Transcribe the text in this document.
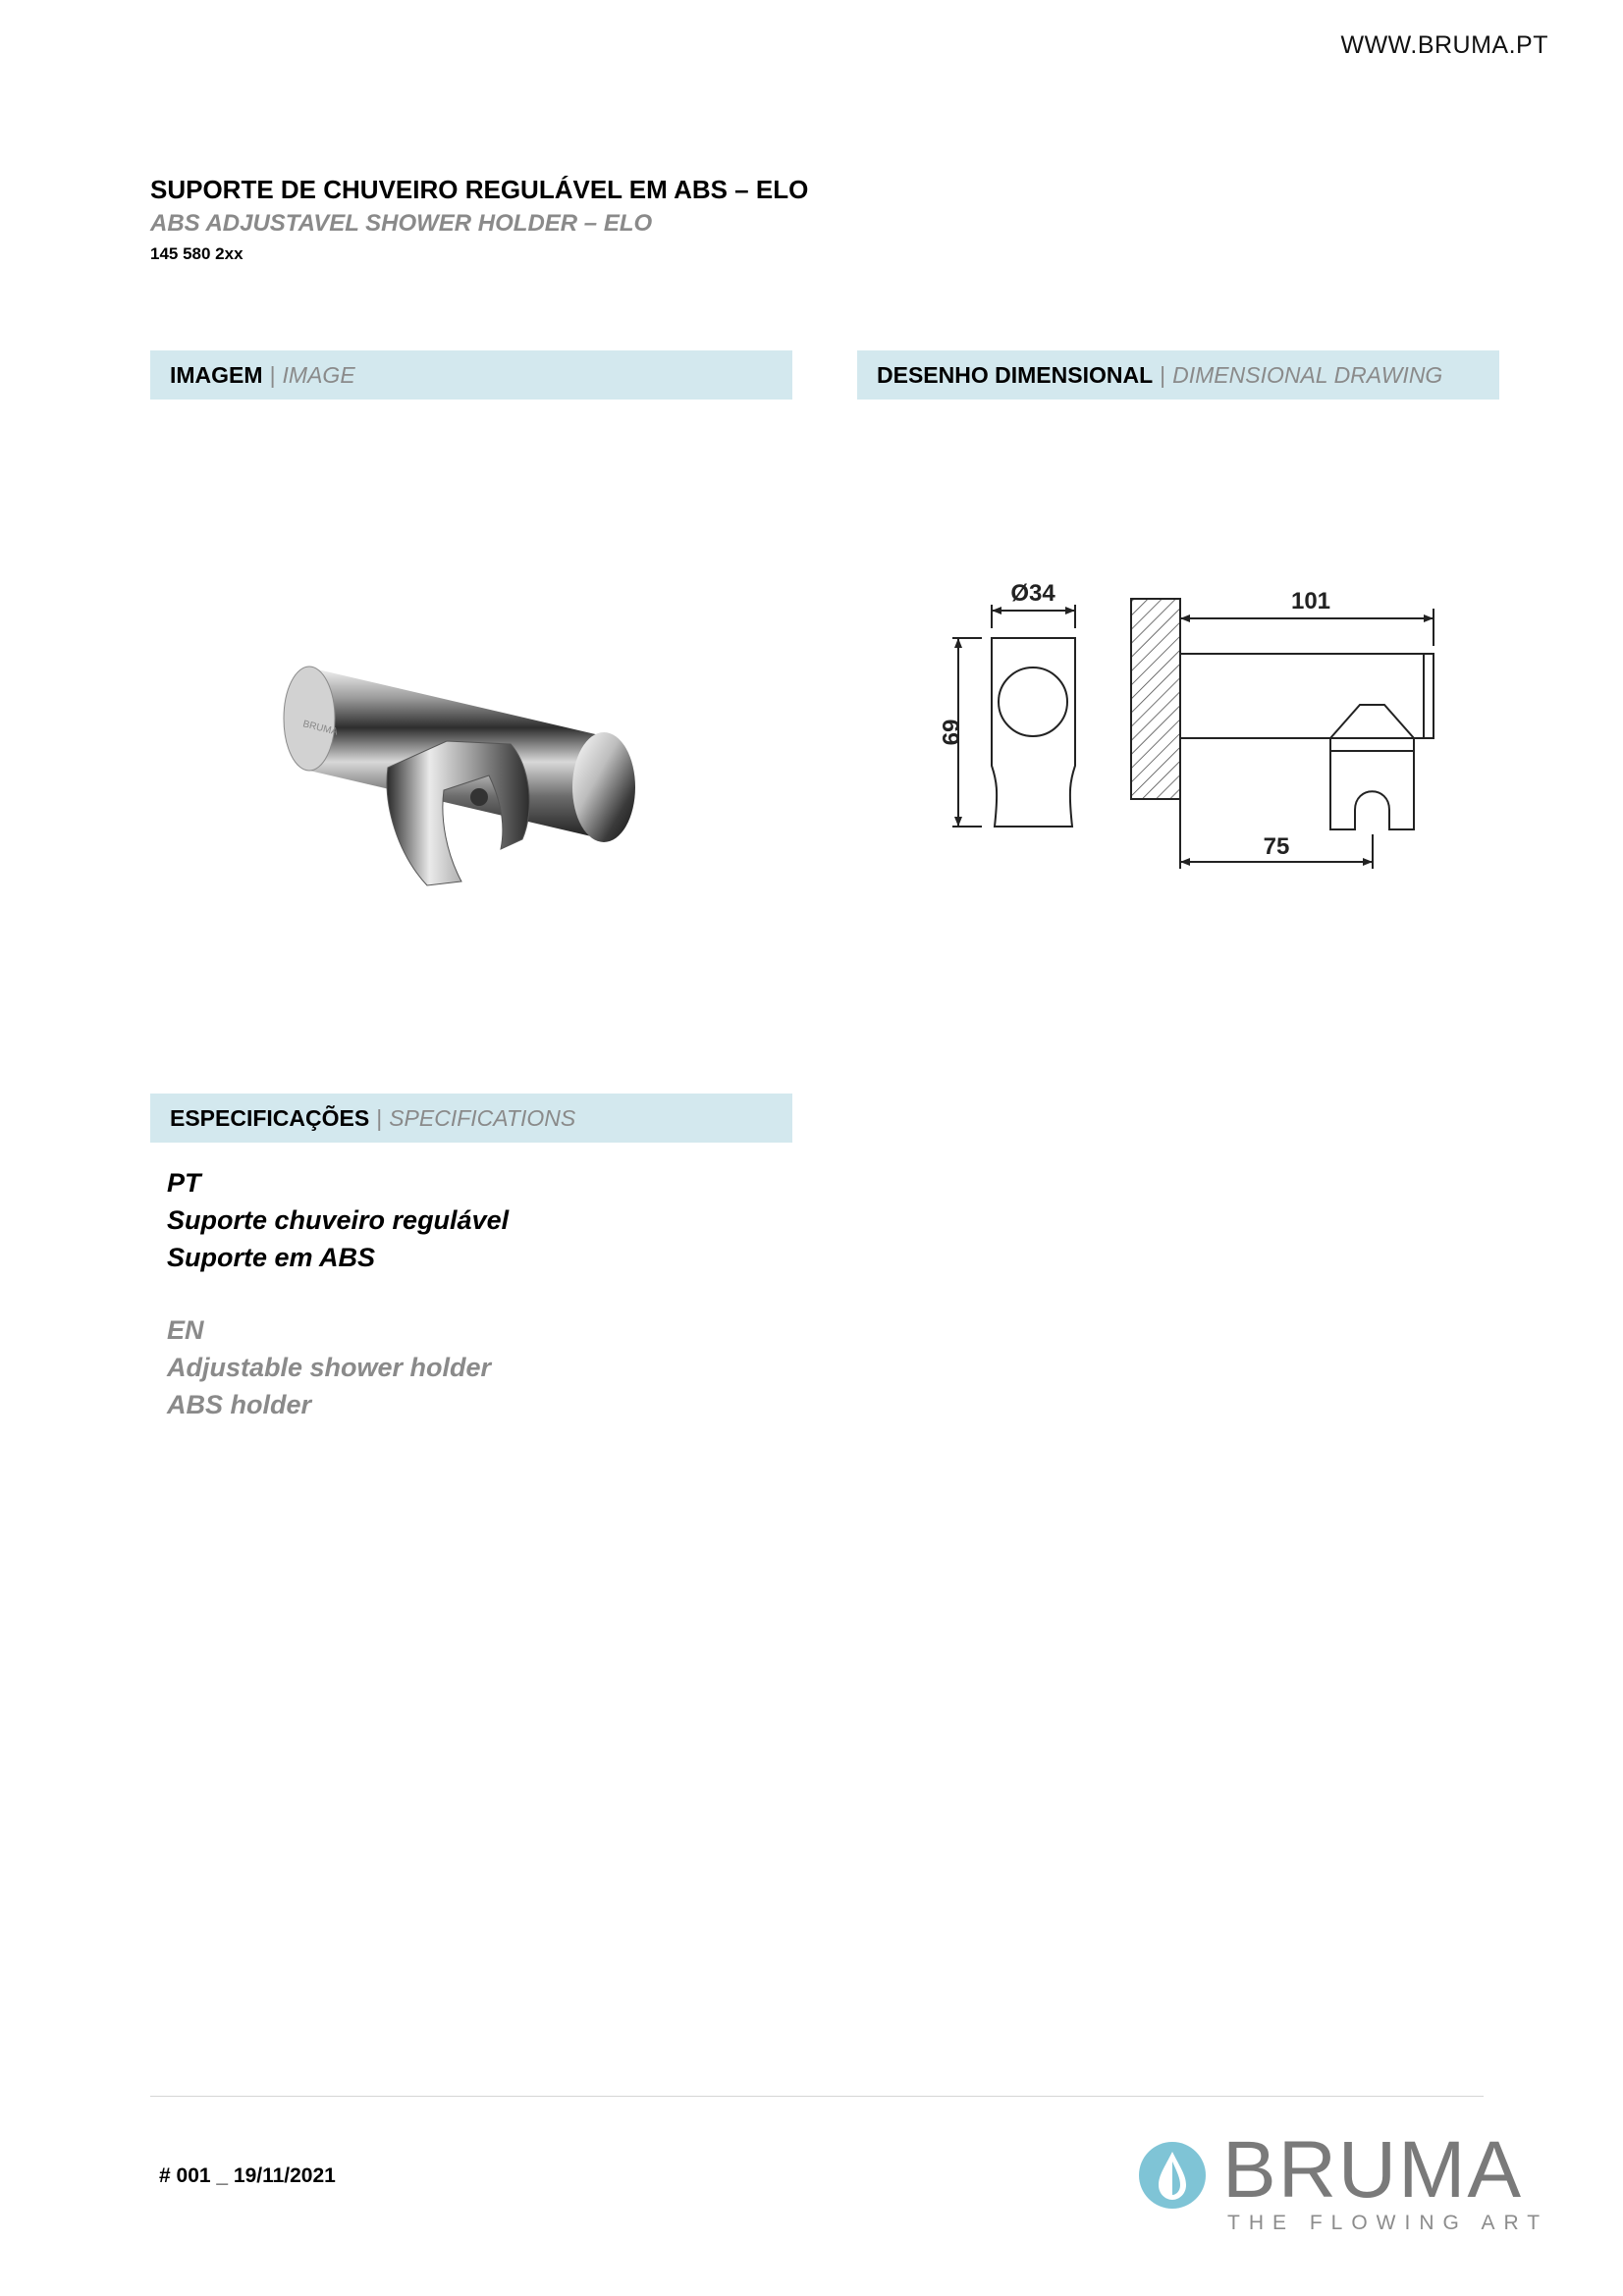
WWW.BRUMA.PT
SUPORTE DE CHUVEIRO REGULÁVEL EM ABS – ELO
ABS ADJUSTAVEL SHOWER HOLDER – ELO
145 580 2xx
IMAGEM | IMAGE	DESENHO DIMENSIONAL | DIMENSIONAL DRAWING
BRUMA
Ø34
69
101
75
ESPECIFICAÇÕES | SPECIFICATIONS
PT
Suporte chuveiro regulável
Suporte em ABS
EN
Adjustable shower holder
ABS holder
# 001 _ 19/11/2021	BRUMA
THE FLOWING ART
